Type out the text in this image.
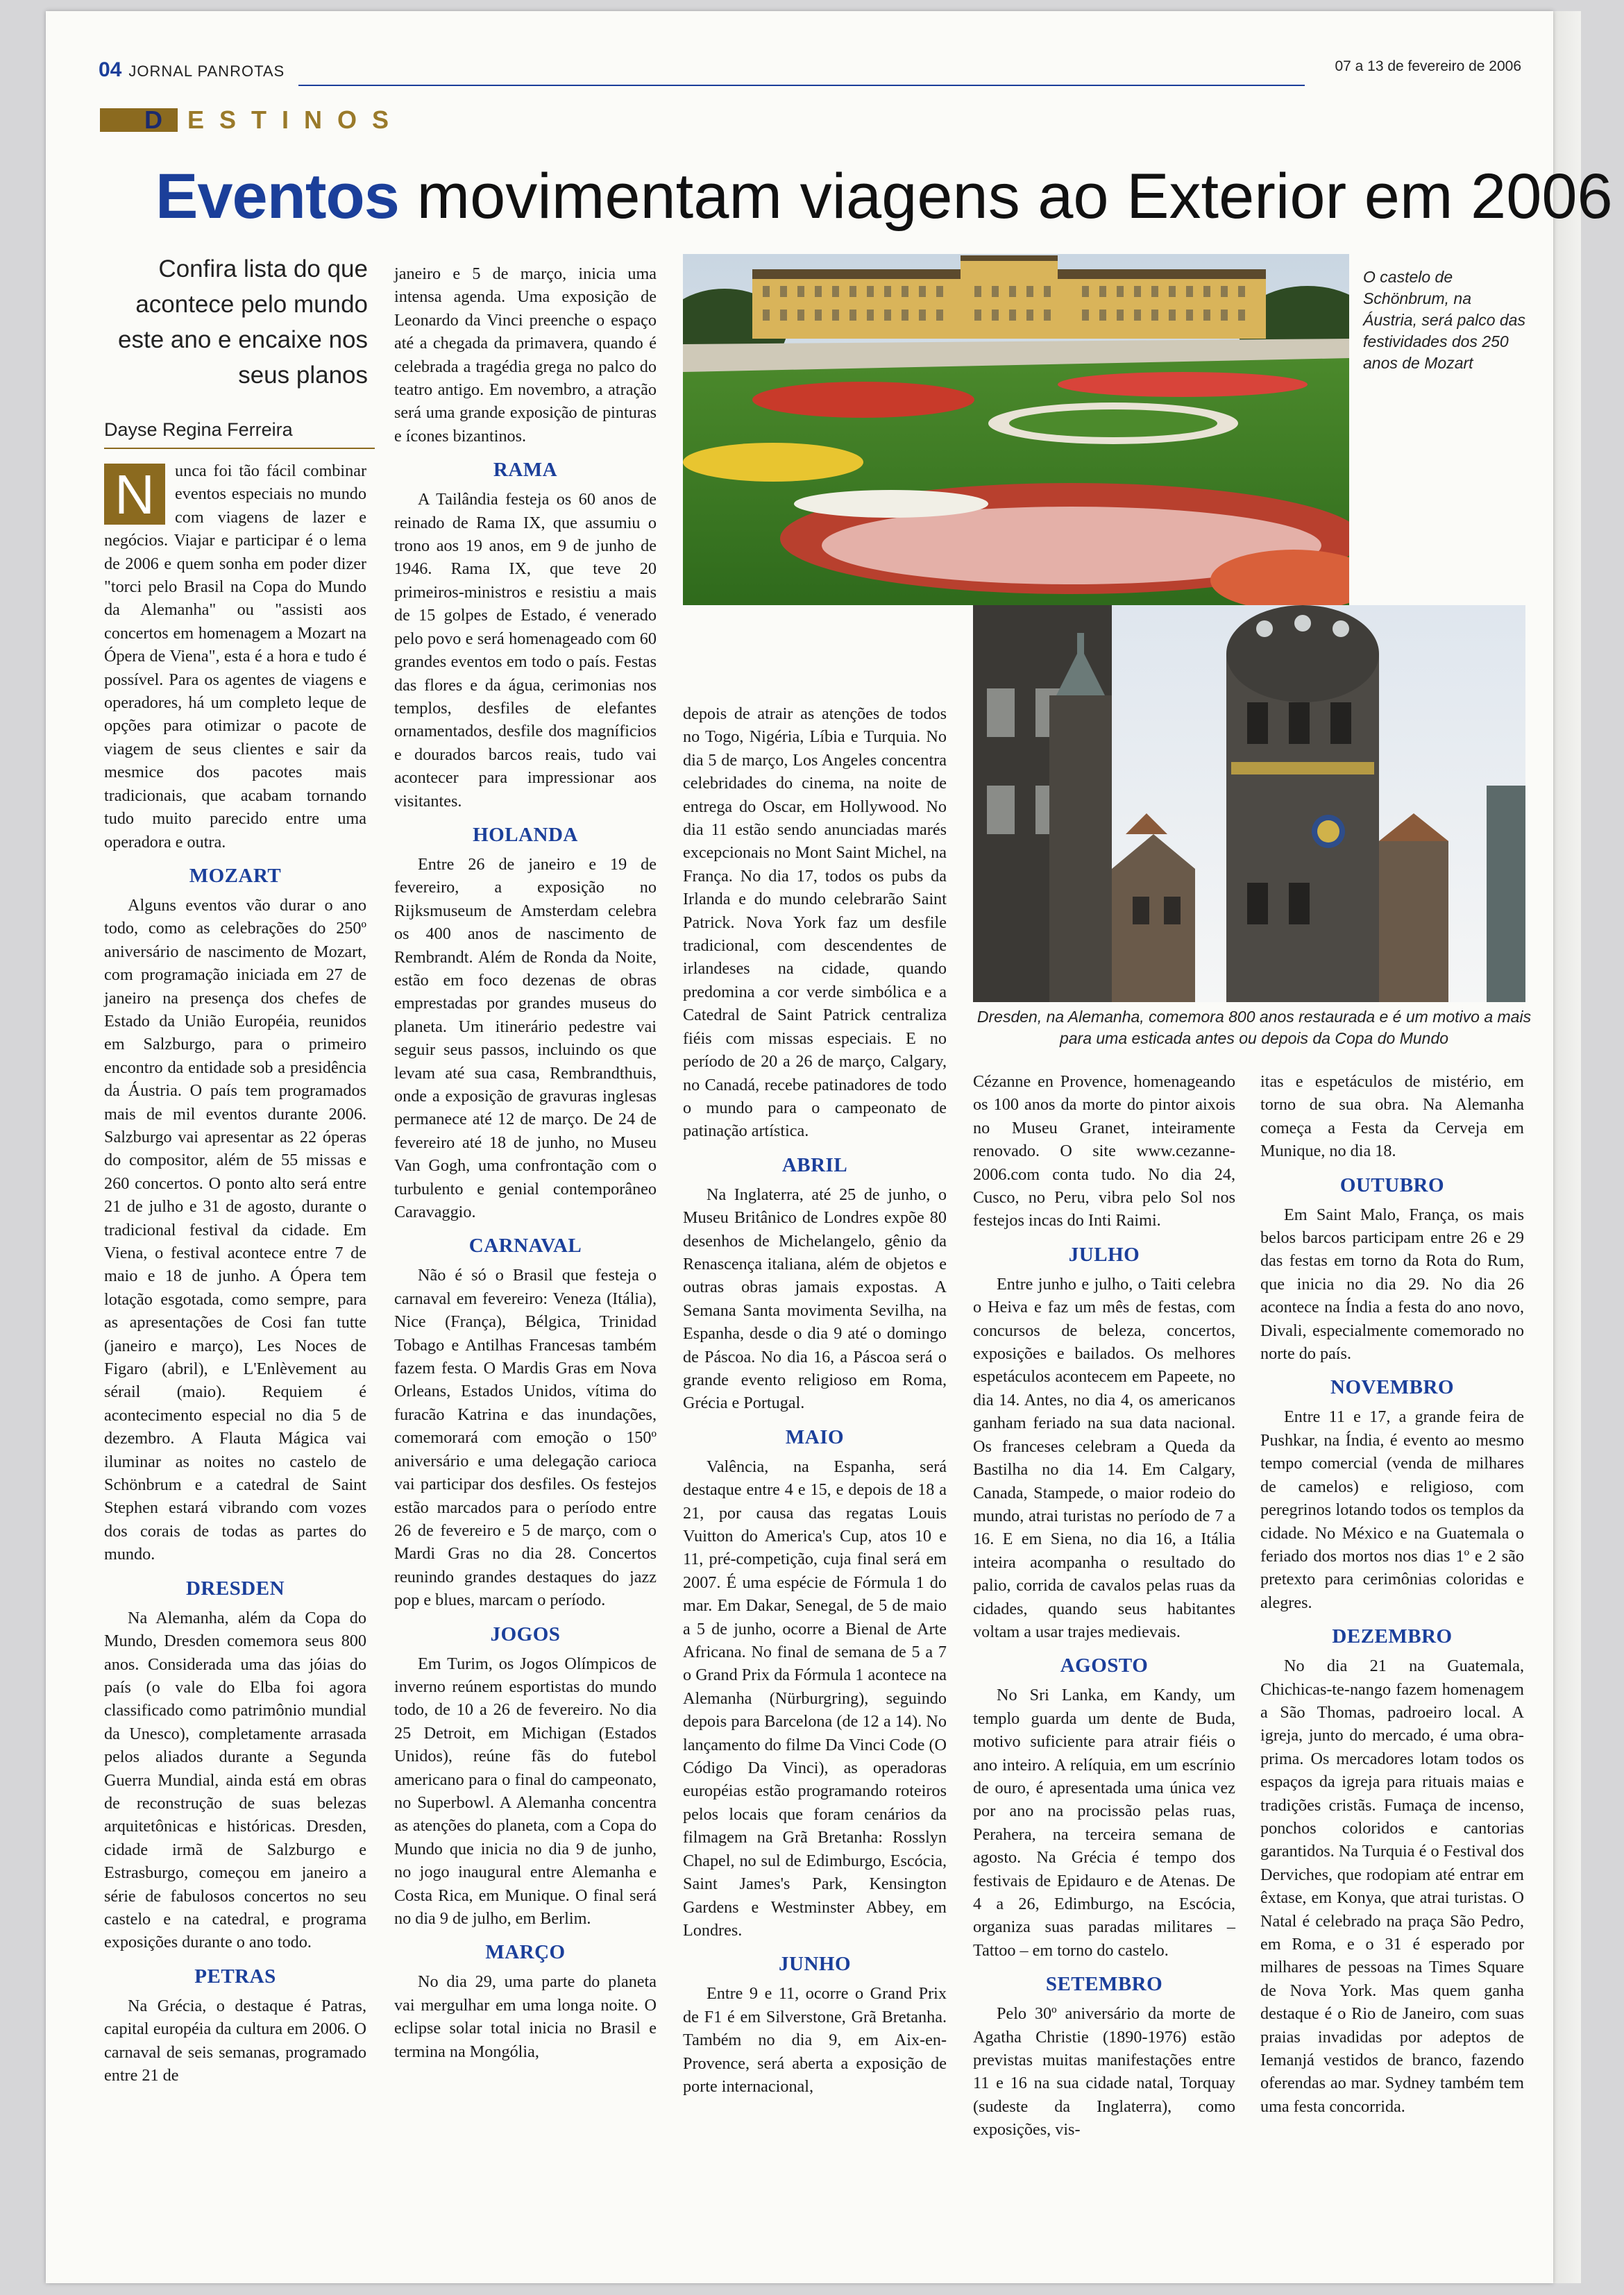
04 JORNAL PANROTAS	07 a 13 de fevereiro de 2006
D ESTINOS
Eventos movimentam viagens ao Exterior em 2006
Confira lista do que acontece pelo mundo este ano e encaixe nos seus planos
Dayse Regina Ferreira
N	unca foi tão fácil combinar eventos especiais no mundo com viagens de lazer e negócios. Viajar e participar é o lema de 2006 e quem sonha em poder dizer "torci pelo Brasil na Copa do Mundo da Alemanha" ou "assisti aos concertos em homenagem a Mozart na Ópera de Viena", esta é a hora e tudo é possível. Para os agentes de viagens e operadores, há um completo leque de opções para otimizar o pacote de viagem de seus clientes e sair da mesmice dos pacotes mais tradicionais, que acabam tornando tudo muito parecido entre uma operadora e outra.

MOZART

Alguns eventos vão durar o ano todo, como as celebrações do 250º aniversário de nascimento de Mozart, com programação iniciada em 27 de janeiro na presença dos chefes de Estado da União Européia, reunidos em Salzburgo, para o primeiro encontro da entidade sob a presidência da Áustria. O país tem programados mais de mil eventos durante 2006. Salzburgo vai apresentar as 22 óperas do compositor, além de 55 missas e 260 concertos. O ponto alto será entre 21 de julho e 31 de agosto, durante o tradicional festival da cidade. Em Viena, o festival acontece entre 7 de maio e 18 de junho. A Ópera tem lotação esgotada, como sempre, para as apresentações de Cosi fan tutte (janeiro e março), Les Noces de Figaro (abril), e L'Enlèvement au sérail (maio). Requiem é acontecimento especial no dia 5 de dezembro. A Flauta Mágica vai iluminar as noites no castelo de Schönbrum e a catedral de Saint Stephen estará vibrando com vozes dos corais de todas as partes do mundo.

DRESDEN

Na Alemanha, além da Copa do Mundo, Dresden comemora seus 800 anos. Considerada uma das jóias do país (o vale do Elba foi agora classificado como patrimônio mundial da Unesco), completamente arrasada pelos aliados durante a Segunda Guerra Mundial, ainda está em obras de reconstrução de suas belezas arquitetônicas e históricas. Dresden, cidade irmã de Salzburgo e Estrasburgo, começou em janeiro a série de fabulosos concertos no seu castelo e na catedral, e programa exposições durante o ano todo.

PETRAS

Na Grécia, o destaque é Patras, capital européia da cultura em 2006. O carnaval de seis semanas, programado entre 21 de

janeiro e 5 de março, inicia uma intensa agenda. Uma exposição de Leonardo da Vinci preenche o espaço até a chegada da primavera, quando é celebrada a tragédia grega no palco do teatro antigo. Em novembro, a atração será uma grande exposição de pinturas e ícones bizantinos.

RAMA

A Tailândia festeja os 60 anos de reinado de Rama IX, que assumiu o trono aos 19 anos, em 9 de junho de 1946. Rama IX, que teve 20 primeiros-ministros e resistiu a mais de 15 golpes de Estado, é venerado pelo povo e será homenageado com 60 grandes eventos em todo o país. Festas das flores e da água, cerimonias nos templos, desfiles de elefantes ornamentados, desfile dos magníficios e dourados barcos reais, tudo vai acontecer para impressionar aos visitantes.

HOLANDA

Entre 26 de janeiro e 19 de fevereiro, a exposição no Rijksmuseum de Amsterdam celebra os 400 anos de nascimento de Rembrandt. Além de Ronda da Noite, estão em foco dezenas de obras emprestadas por grandes museus do planeta. Um itinerário pedestre vai seguir seus passos, incluindo os que levam até sua casa, Rembrandthuis, onde a exposição de gravuras inglesas permanece até 12 de março. De 24 de fevereiro até 18 de junho, no Museu Van Gogh, uma confrontação com o turbulento e genial contemporâneo Caravaggio.

CARNAVAL

Não é só o Brasil que festeja o carnaval em fevereiro: Veneza (Itália), Nice (França), Bélgica, Trinidad Tobago e Antilhas Francesas também fazem festa. O Mardis Gras em Nova Orleans, Estados Unidos, vítima do furacão Katrina e das inundações, comemorará com emoção o 150º aniversário e uma delegação carioca vai participar dos desfiles. Os festejos estão marcados para o período entre 26 de fevereiro e 5 de março, com o Mardi Gras no dia 28. Concertos reunindo grandes destaques do jazz pop e blues, marcam o período.

JOGOS

Em Turim, os Jogos Olímpicos de inverno reúnem esportistas do mundo todo, de 10 a 26 de fevereiro. No dia 25 Detroit, em Michigan (Estados Unidos), reúne fãs do futebol americano para o final do campeonato, no Superbowl. A Alemanha concentra as atenções do planeta, com a Copa do Mundo que inicia no dia 9 de junho, no jogo inaugural entre Alemanha e Costa Rica, em Munique. O final será no dia 9 de julho, em Berlim.

MARÇO

No dia 29, uma parte do planeta vai mergulhar em uma longa noite. O eclipse solar total inicia no Brasil e termina na Mongólia,

depois de atrair as atenções de todos no Togo, Nigéria, Líbia e Turquia. No dia 5 de março, Los Angeles concentra celebridades do cinema, na noite de entrega do Oscar, em Hollywood. No dia 11 estão sendo anunciadas marés excepcionais no Mont Saint Michel, na França. No dia 17, todos os pubs da Irlanda e do mundo celebrarão Saint Patrick. Nova York faz um desfile tradicional, com descendentes de irlandeses na cidade, quando predomina a cor verde simbólica e a Catedral de Saint Patrick centraliza fiéis com missas especiais. E no período de 20 a 26 de março, Calgary, no Canadá, recebe patinadores de todo o mundo para o campeonato de patinação artística.

ABRIL

Na Inglaterra, até 25 de junho, o Museu Britânico de Londres expõe 80 desenhos de Michelangelo, gênio da Renascença italiana, além de objetos e outras obras jamais expostas. A Semana Santa movimenta Sevilha, na Espanha, desde o dia 9 até o domingo de Páscoa. No dia 16, a Páscoa será o grande evento religioso em Roma, Grécia e Portugal.

MAIO

Valência, na Espanha, será destaque entre 4 e 15, e depois de 18 a 21, por causa das regatas Louis Vuitton do America's Cup, atos 10 e 11, pré-competição, cuja final será em 2007. É uma espécie de Fórmula 1 do mar. Em Dakar, Senegal, de 5 de maio a 5 de junho, ocorre a Bienal de Arte Africana. No final de semana de 5 a 7 o Grand Prix da Fórmula 1 acontece na Alemanha (Nürburgring), seguindo depois para Barcelona (de 12 a 14). No lançamento do filme Da Vinci Code (O Código Da Vinci), as operadoras européias estão programando roteiros pelos locais que foram cenários da filmagem na Grã Bretanha: Rosslyn Chapel, no sul de Edimburgo, Escócia, Saint James's Park, Kensington Gardens e Westminster Abbey, em Londres.

JUNHO

Entre 9 e 11, ocorre o Grand Prix de F1 é em Silverstone, Grã Bretanha. Também no dia 9, em Aix-en-Provence, será aberta a exposição de porte internacional,

Cézanne en Provence, homenageando os 100 anos da morte do pintor aixois no Museu Granet, inteiramente renovado. O site www.cezanne-2006.com conta tudo. No dia 24, Cusco, no Peru, vibra pelo Sol nos festejos incas do Inti Raimi.

JULHO

Entre junho e julho, o Taiti celebra o Heiva e faz um mês de festas, com concursos de beleza, concertos, exposições e bailados. Os melhores espetáculos acontecem em Papeete, no dia 14. Antes, no dia 4, os americanos ganham feriado na sua data nacional. Os franceses celebram a Queda da Bastilha no dia 14. Em Calgary, Canada, Stampede, o maior rodeio do mundo, atrai turistas no período de 7 a 16. E em Siena, no dia 16, a Itália inteira acompanha o resultado do palio, corrida de cavalos pelas ruas da cidades, quando seus habitantes voltam a usar trajes medievais.

AGOSTO

No Sri Lanka, em Kandy, um templo guarda um dente de Buda, motivo suficiente para atrair fiéis o ano inteiro. A relíquia, em um escrínio de ouro, é apresentada uma única vez por ano na procissão pelas ruas, Perahera, na terceira semana de agosto. Na Grécia é tempo dos festivais de Epidauro e de Atenas. De 4 a 26, Edimburgo, na Escócia, organiza suas paradas militares – Tattoo – em torno do castelo.

SETEMBRO

Pelo 30º aniversário da morte de Agatha Christie (1890-1976) estão previstas muitas manifestações entre 11 e 16 na sua cidade natal, Torquay (sudeste da Inglaterra), como exposições, vis-

itas e espetáculos de mistério, em torno de sua obra. Na Alemanha começa a Festa da Cerveja em Munique, no dia 18.

OUTUBRO

Em Saint Malo, França, os mais belos barcos participam entre 26 e 29 das festas em torno da Rota do Rum, que inicia no dia 29. No dia 26 acontece na Índia a festa do ano novo, Divali, especialmente comemorado no norte do país.

NOVEMBRO

Entre 11 e 17, a grande feira de Pushkar, na Índia, é evento ao mesmo tempo comercial (venda de milhares de camelos) e religioso, com peregrinos lotando todos os templos da cidade. No México e na Guatemala o feriado dos mortos nos dias 1º e 2 são pretexto para cerimônias coloridas e alegres.

DEZEMBRO

No dia 21 na Guatemala, Chichicas-te-nango fazem homenagem a São Thomas, padroeiro local. A igreja, junto do mercado, é uma obra-prima. Os mercadores lotam todos os espaços da igreja para rituais maias e tradições cristãs. Fumaça de incenso, ponchos coloridos e cantorias garantidos. Na Turquia é o Festival dos Derviches, que rodopiam até entrar em êxtase, em Konya, que atrai turistas. O Natal é celebrado na praça São Pedro, em Roma, e o 31 é esperado por milhares de pessoas na Times Square de Nova York. Mas quem ganha destaque é o Rio de Janeiro, com suas praias invadidas por adeptos de Iemanjá vestidos de branco, fazendo oferendas ao mar. Sydney também tem uma festa concorrida.

O castelo de Schönbrum, na Áustria, será palco das festividades dos 250 anos de Mozart
Dresden, na Alemanha, comemora 800 anos restaurada e é um motivo a mais para uma esticada antes ou depois da Copa do Mundo
